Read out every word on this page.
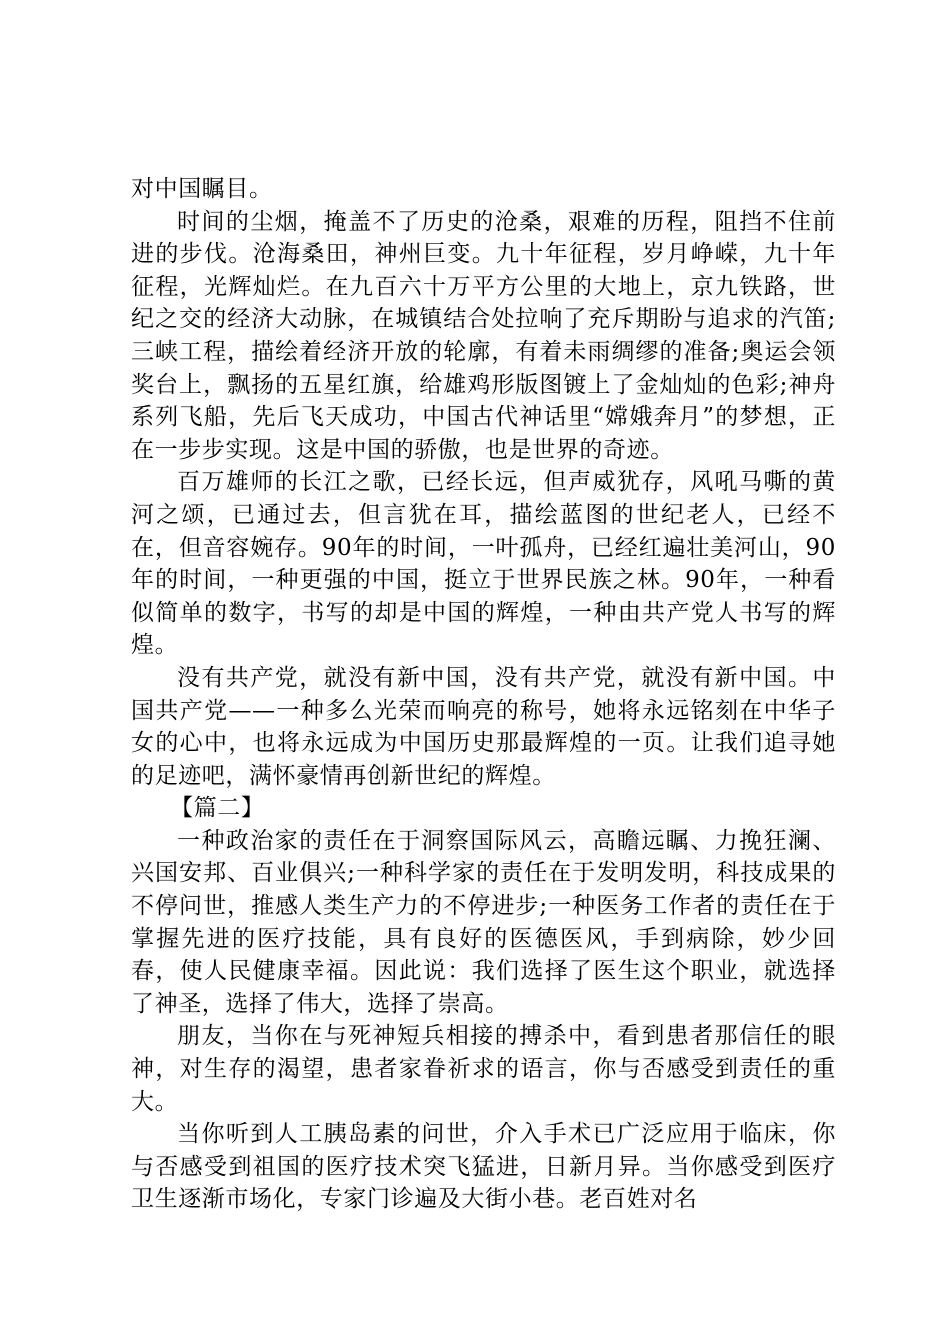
对中国瞩目。

时间的尘烟，掩盖不了历史的沧桑，艰难的历程，阻挡不住前进的步伐。沧海桑田，神州巨变。九十年征程，岁月峥嵘，九十年征程，光辉灿烂。在九百六十万平方公里的大地上，京九铁路，世纪之交的经济大动脉，在城镇结合处拉响了充斥期盼与追求的汽笛;三峡工程，描绘着经济开放的轮廓，有着未雨绸缪的准备;奥运会领奖台上，飘扬的五星红旗，给雄鸡形版图镀上了金灿灿的色彩;神舟系列飞船，先后飞天成功，中国古代神话里“嫦娥奔月”的梦想，正在一步步实现。这是中国的骄傲，也是世界的奇迹。

百万雄师的长江之歌，已经长远，但声威犹存，风吼马嘶的黄河之颂，已通过去，但言犹在耳，描绘蓝图的世纪老人，已经不在，但音容婉存。90年的时间，一叶孤舟，已经红遍壮美河山，90年的时间，一种更强的中国，挺立于世界民族之林。90年，一种看似简单的数字，书写的却是中国的辉煌，一种由共产党人书写的辉煌。

没有共产党，就没有新中国，没有共产党，就没有新中国。中国共产党——一种多么光荣而响亮的称号，她将永远铭刻在中华子女的心中，也将永远成为中国历史那最辉煌的一页。让我们追寻她的足迹吧，满怀豪情再创新世纪的辉煌。

【篇二】

一种政治家的责任在于洞察国际风云，高瞻远瞩、力挽狂澜、兴国安邦、百业俱兴;一种科学家的责任在于发明发明，科技成果的不停问世，推感人类生产力的不停进步;一种医务工作者的责任在于掌握先进的医疗技能，具有良好的医德医风，手到病除，妙少回春，使人民健康幸福。因此说：我们选择了医生这个职业，就选择了神圣，选择了伟大，选择了崇高。

朋友，当你在与死神短兵相接的搏杀中，看到患者那信任的眼神，对生存的渴望，患者家眷祈求的语言，你与否感受到责任的重大。

当你听到人工胰岛素的问世，介入手术已广泛应用于临床，你与否感受到祖国的医疗技术突飞猛进，日新月异。当你感受到医疗卫生逐渐市场化，专家门诊遍及大街小巷。老百姓对名
